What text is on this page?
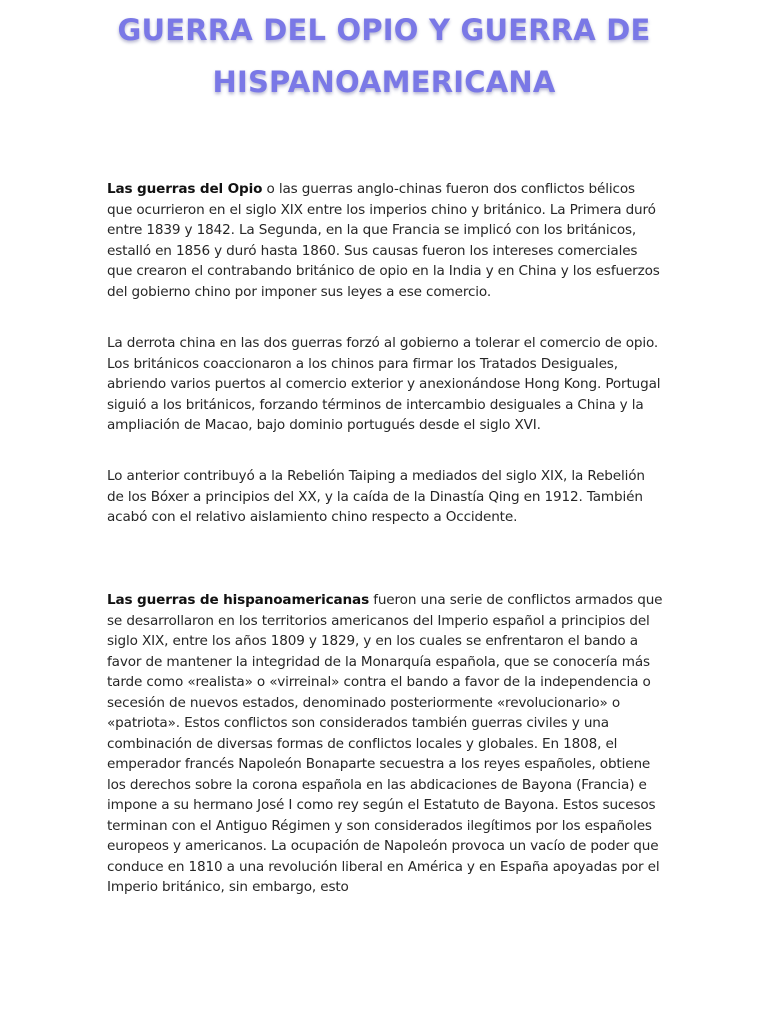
GUERRA DEL OPIO Y GUERRA DE
HISPANOAMERICANA

Las guerras del Opio o las guerras anglo-chinas fueron dos conflictos bélicos que ocurrieron en el siglo XIX entre los imperios chino y británico. La Primera duró entre 1839 y 1842. La Segunda, en la que Francia se implicó con los británicos, estalló en 1856 y duró hasta 1860. Sus causas fueron los intereses comerciales que crearon el contrabando británico de opio en la India y en China y los esfuerzos del gobierno chino por imponer sus leyes a ese comercio.

La derrota china en las dos guerras forzó al gobierno a tolerar el comercio de opio. Los británicos coaccionaron a los chinos para firmar los Tratados Desiguales, abriendo varios puertos al comercio exterior y anexionándose Hong Kong. Portugal siguió a los británicos, forzando términos de intercambio desiguales a China y la ampliación de Macao, bajo dominio portugués desde el siglo XVI.

Lo anterior contribuyó a la Rebelión Taiping a mediados del siglo XIX, la Rebelión de los Bóxer a principios del XX, y la caída de la Dinastía Qing en 1912. También acabó con el relativo aislamiento chino respecto a Occidente.

Las guerras de hispanoamericanas fueron una serie de conflictos armados que se desarrollaron en los territorios americanos del Imperio español a principios del siglo XIX, entre los años 1809 y 1829, y en los cuales se enfrentaron el bando a favor de mantener la integridad de la Monarquía española, que se conocería más tarde como «realista» o «virreinal» contra el bando a favor de la independencia o secesión de nuevos estados, denominado posteriormente «revolucionario» o «patriota». Estos conflictos son considerados también guerras civiles y una combinación de diversas formas de conflictos locales y globales. En 1808, el emperador francés Napoleón Bonaparte secuestra a los reyes españoles, obtiene los derechos sobre la corona española en las abdicaciones de Bayona (Francia) e impone a su hermano José I como rey según el Estatuto de Bayona. Estos sucesos terminan con el Antiguo Régimen y son considerados ilegítimos por los españoles europeos y americanos. La ocupación de Napoleón provoca un vacío de poder que conduce en 1810 a una revolución liberal en América y en España apoyadas por el Imperio británico, sin embargo, esto
